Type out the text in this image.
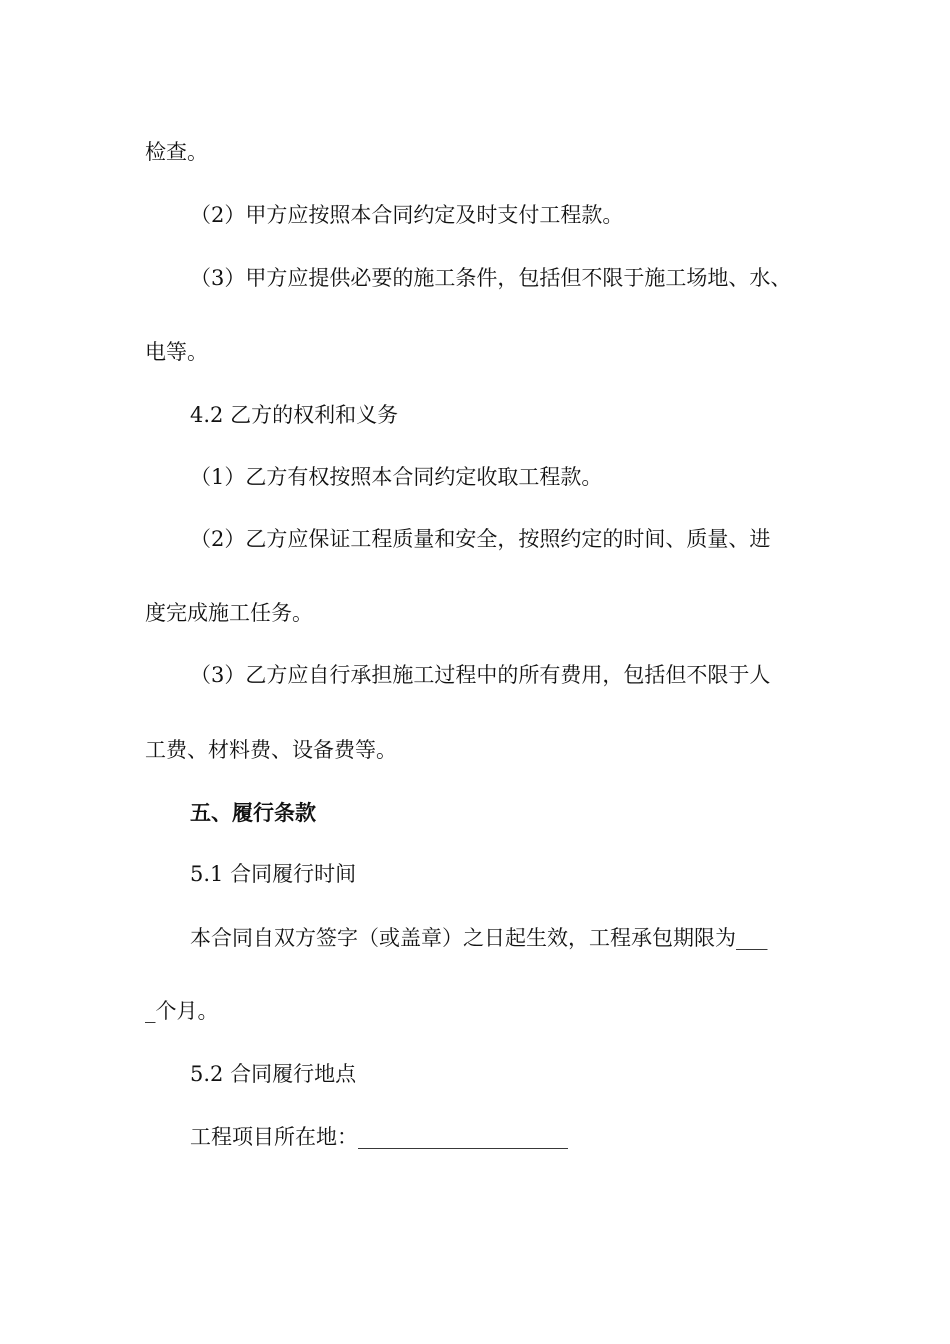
检查。
（2）甲方应按照本合同约定及时支付工程款。
（3）甲方应提供必要的施工条件，包括但不限于施工场地、水、
电等。
4.2 乙方的权利和义务
（1）乙方有权按照本合同约定收取工程款。
（2）乙方应保证工程质量和安全，按照约定的时间、质量、进
度完成施工任务。
（3）乙方应自行承担施工过程中的所有费用，包括但不限于人
工费、材料费、设备费等。
五、履行条款
5.1 合同履行时间
本合同自双方签字（或盖章）之日起生效，工程承包期限为___
_个月。
5.2 合同履行地点
工程项目所在地：____________________
